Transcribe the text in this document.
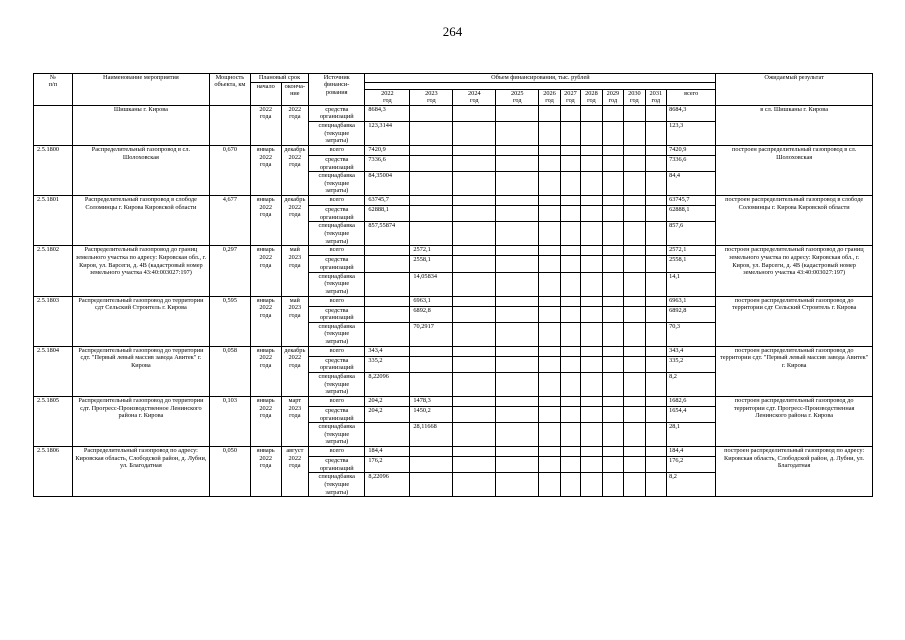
264
№
п/п	Наименование мероприятия	Мощность объекта, км	Плановый срок		Источник
финанси-
рования	Объем финансирования, тыс. рублей											Ожидаемый результат
			начало	оконча-
ние													
						2022
год	2023
год	2024
год	2025
год	2026
год	2027
год	2028
год	2029
год	2030
год	2031
год	всего	
	Шишканы г. Кирова		2022
года	2022
года	средства
организаций	8684,3										8684,3	в сл. Шишканы г. Кирова
					спецнадбавка
(текущие
затраты)	123,3144										123,3	
2.5.1800	Распределительный газопровод в сл. Шолоховская	0,670	январь
2022
года	декабрь
2022
года	всего	7420,9										7420,9	построен распределительный газопровод в сл. Шолоховская
					средства
организаций	7336,6										7336,6	
					спецнадбавка
(текущие
затраты)	84,35004										84,4	
2.5.1801	Распределительный газопровод в слободе Соломинцы г. Кирова Кировской области	4,677	январь
2022
года	декабрь
2022
года	всего	63745,7										63745,7	построен распределительный газопровод в слободе Соломинцы г. Кирова Кировской области
					средства
организаций	62888,1										62888,1	
					спецнадбавка
(текущие
затраты)	857,55874										857,6	
2.5.1802	Распределительный газопровод до границ земельного участка по адресу: Кировская обл., г. Киров, ул. Варсеги, д. 4В (кадастровый номер земельного участка 43:40:003027:197)	0,297	январь
2022
года	май
2023
года	всего		2572,1									2572,1	построен распределительный газопровод до границ земельного участка по адресу: Кировская обл., г. Киров, ул. Варсеги, д. 4В (кадастровый номер земельного участка 43:40:003027:197)
					средства
организаций		2558,1									2558,1	
					спецнадбавка
(текущие
затраты)		14,05834									14,1	
2.5.1803	Распределительный газопровод до территории сдт Сельский Строитель г. Кирова	0,595	январь
2022
года	май
2023
года	всего		6963,1									6963,1	построен распределительный газопровод до территории сдт Сельский Строитель г. Кирова
					средства
организаций		6892,8									6892,8	
					спецнадбавка
(текущие
затраты)		70,2917									70,3	
2.5.1804	Распределительный газопровод до территории сдт. "Первый левый массив завода Авитек" г. Кирова	0,058	январь
2022
года	декабрь
2022
года	всего	343,4										343,4	построен распределительный газопровод до территории сдт. "Первый левый массив завода Авитек" г. Кирова
					средства
организаций	335,2										335,2	
					спецнадбавка
(текущие
затраты)	8,22096										8,2	
2.5.1805	Распределительный газопровод до территории сдт. Прогресс-Производственное Ленинского района г. Кирова	0,103	январь
2022
года	март
2023
года	всего	204,2	1478,3									1682,6	построен распределительный газопровод до территории сдт. Прогресс-Производственная Ленинского района г. Кирова
					средства
организаций	204,2	1450,2									1654,4	
					спецнадбавка
(текущие
затраты)		28,11668									28,1	
2.5.1806	Распределительный газопровод по адресу: Кировская область, Слободской район, д. Лубни, ул. Благодатная	0,050	январь
2022
года	август
2022
года	всего	184,4										184,4	построен распределительный газопровод по адресу: Кировская область, Слободской район, д. Лубни, ул. Благодатная
					средства
организаций	176,2										176,2	
					спецнадбавка
(текущие
затраты)	8,22096										8,2	
